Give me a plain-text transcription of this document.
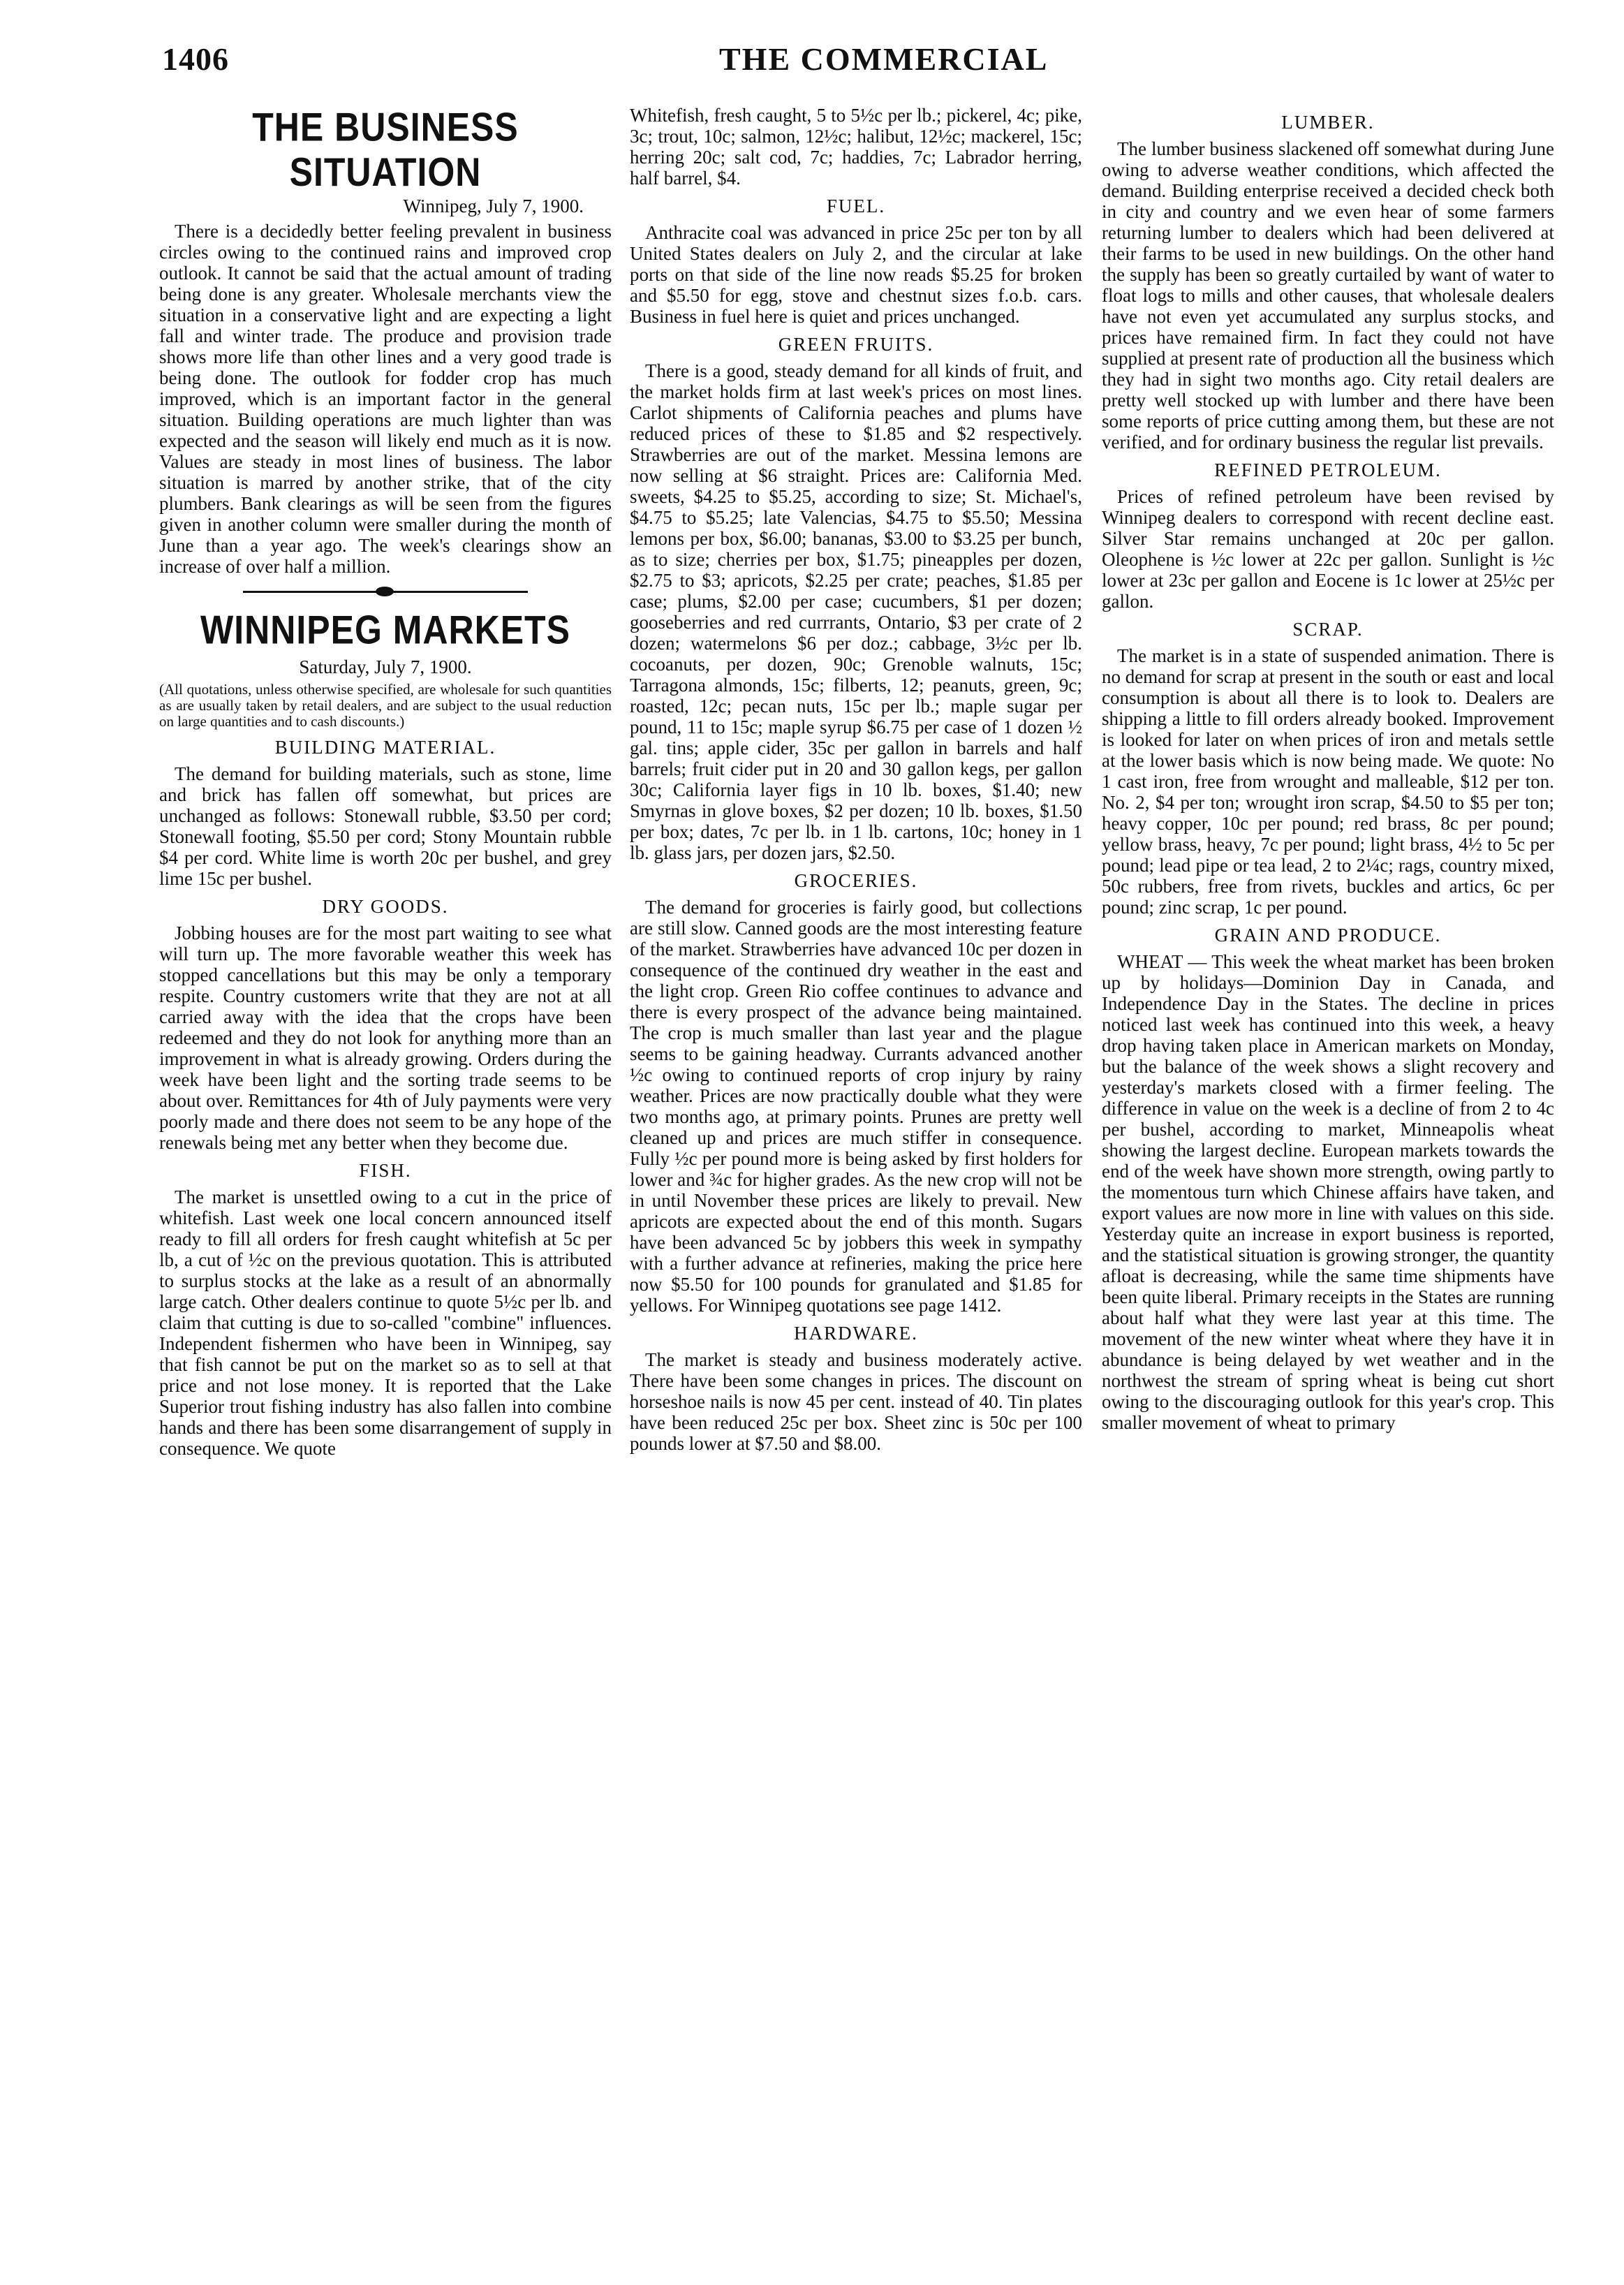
1406	THE COMMERCIAL
THE BUSINESS SITUATION
Winnipeg, July 7, 1900.

There is a decidedly better feeling prevalent in business circles owing to the continued rains and improved crop outlook. It cannot be said that the actual amount of trading being done is any greater. Wholesale merchants view the situation in a conservative light and are expecting a light fall and winter trade. The produce and provision trade shows more life than other lines and a very good trade is being done. The outlook for fodder crop has much improved, which is an important factor in the general situation. Building operations are much lighter than was expected and the season will likely end much as it is now. Values are steady in most lines of business. The labor situation is marred by another strike, that of the city plumbers. Bank clearings as will be seen from the figures given in another column were smaller during the month of June than a year ago. The week's clearings show an increase of over half a million.

WINNIPEG MARKETS
Saturday, July 7, 1900.
(All quotations, unless otherwise specified, are wholesale for such quantities as are usually taken by retail dealers, and are subject to the usual reduction on large quantities and to cash discounts.)
BUILDING MATERIAL.

The demand for building materials, such as stone, lime and brick has fallen off somewhat, but prices are unchanged as follows: Stonewall rubble, $3.50 per cord; Stonewall footing, $5.50 per cord; Stony Mountain rubble $4 per cord. White lime is worth 20c per bushel, and grey lime 15c per bushel.

DRY GOODS.

Jobbing houses are for the most part waiting to see what will turn up. The more favorable weather this week has stopped cancellations but this may be only a temporary respite. Country customers write that they are not at all carried away with the idea that the crops have been redeemed and they do not look for anything more than an improvement in what is already growing. Orders during the week have been light and the sorting trade seems to be about over. Remittances for 4th of July payments were very poorly made and there does not seem to be any hope of the renewals being met any better when they become due.

FISH.

The market is unsettled owing to a cut in the price of whitefish. Last week one local concern announced itself ready to fill all orders for fresh caught whitefish at 5c per lb, a cut of ½c on the previous quotation. This is attributed to surplus stocks at the lake as a result of an abnormally large catch. Other dealers continue to quote 5½c per lb. and claim that cutting is due to so-called "combine" influences. Independent fishermen who have been in Winnipeg, say that fish cannot be put on the market so as to sell at that price and not lose money. It is reported that the Lake Superior trout fishing industry has also fallen into combine hands and there has been some disarrangement of supply in consequence. We quote

Whitefish, fresh caught, 5 to 5½c per lb.; pickerel, 4c; pike, 3c; trout, 10c; salmon, 12½c; halibut, 12½c; mackerel, 15c; herring 20c; salt cod, 7c; haddies, 7c; Labrador herring, half barrel, $4.

FUEL.

Anthracite coal was advanced in price 25c per ton by all United States dealers on July 2, and the circular at lake ports on that side of the line now reads $5.25 for broken and $5.50 for egg, stove and chestnut sizes f.o.b. cars. Business in fuel here is quiet and prices unchanged.

GREEN FRUITS.

There is a good, steady demand for all kinds of fruit, and the market holds firm at last week's prices on most lines. Carlot shipments of California peaches and plums have reduced prices of these to $1.85 and $2 respectively. Strawberries are out of the market. Messina lemons are now selling at $6 straight. Prices are: California Med. sweets, $4.25 to $5.25, according to size; St. Michael's, $4.75 to $5.25; late Valencias, $4.75 to $5.50; Messina lemons per box, $6.00; bananas, $3.00 to $3.25 per bunch, as to size; cherries per box, $1.75; pineapples per dozen, $2.75 to $3; apricots, $2.25 per crate; peaches, $1.85 per case; plums, $2.00 per case; cucumbers, $1 per dozen; gooseberries and red currrants, Ontario, $3 per crate of 2 dozen; watermelons $6 per doz.; cabbage, 3½c per lb. cocoanuts, per dozen, 90c; Grenoble walnuts, 15c; Tarragona almonds, 15c; filberts, 12; peanuts, green, 9c; roasted, 12c; pecan nuts, 15c per lb.; maple sugar per pound, 11 to 15c; maple syrup $6.75 per case of 1 dozen ½ gal. tins; apple cider, 35c per gallon in barrels and half barrels; fruit cider put in 20 and 30 gallon kegs, per gallon 30c; California layer figs in 10 lb. boxes, $1.40; new Smyrnas in glove boxes, $2 per dozen; 10 lb. boxes, $1.50 per box; dates, 7c per lb. in 1 lb. cartons, 10c; honey in 1 lb. glass jars, per dozen jars, $2.50.

GROCERIES.

The demand for groceries is fairly good, but collections are still slow. Canned goods are the most interesting feature of the market. Strawberries have advanced 10c per dozen in consequence of the continued dry weather in the east and the light crop. Green Rio coffee continues to advance and there is every prospect of the advance being maintained. The crop is much smaller than last year and the plague seems to be gaining headway. Currants advanced another ½c owing to continued reports of crop injury by rainy weather. Prices are now practically double what they were two months ago, at primary points. Prunes are pretty well cleaned up and prices are much stiffer in consequence. Fully ½c per pound more is being asked by first holders for lower and ¾c for higher grades. As the new crop will not be in until November these prices are likely to prevail. New apricots are expected about the end of this month. Sugars have been advanced 5c by jobbers this week in sympathy with a further advance at refineries, making the price here now $5.50 for 100 pounds for granulated and $1.85 for yellows. For Winnipeg quotations see page 1412.

HARDWARE.

The market is steady and business moderately active. There have been some changes in prices. The discount on horseshoe nails is now 45 per cent. instead of 40. Tin plates have been reduced 25c per box. Sheet zinc is 50c per 100 pounds lower at $7.50 and $8.00.

LUMBER.

The lumber business slackened off somewhat during June owing to adverse weather conditions, which affected the demand. Building enterprise received a decided check both in city and country and we even hear of some farmers returning lumber to dealers which had been delivered at their farms to be used in new buildings. On the other hand the supply has been so greatly curtailed by want of water to float logs to mills and other causes, that wholesale dealers have not even yet accumulated any surplus stocks, and prices have remained firm. In fact they could not have supplied at present rate of production all the business which they had in sight two months ago. City retail dealers are pretty well stocked up with lumber and there have been some reports of price cutting among them, but these are not verified, and for ordinary business the regular list prevails.

REFINED PETROLEUM.

Prices of refined petroleum have been revised by Winnipeg dealers to correspond with recent decline east. Silver Star remains unchanged at 20c per gallon. Oleophene is ½c lower at 22c per gallon. Sunlight is ½c lower at 23c per gallon and Eocene is 1c lower at 25½c per gallon.

SCRAP.

The market is in a state of suspended animation. There is no demand for scrap at present in the south or east and local consumption is about all there is to look to. Dealers are shipping a little to fill orders already booked. Improvement is looked for later on when prices of iron and metals settle at the lower basis which is now being made. We quote: No 1 cast iron, free from wrought and malleable, $12 per ton. No. 2, $4 per ton; wrought iron scrap, $4.50 to $5 per ton; heavy copper, 10c per pound; red brass, 8c per pound; yellow brass, heavy, 7c per pound; light brass, 4½ to 5c per pound; lead pipe or tea lead, 2 to 2¼c; rags, country mixed, 50c rubbers, free from rivets, buckles and artics, 6c per pound; zinc scrap, 1c per pound.

GRAIN AND PRODUCE.

WHEAT — This week the wheat market has been broken up by holidays—Dominion Day in Canada, and Independence Day in the States. The decline in prices noticed last week has continued into this week, a heavy drop having taken place in American markets on Monday, but the balance of the week shows a slight recovery and yesterday's markets closed with a firmer feeling. The difference in value on the week is a decline of from 2 to 4c per bushel, according to market, Minneapolis wheat showing the largest decline. European markets towards the end of the week have shown more strength, owing partly to the momentous turn which Chinese affairs have taken, and export values are now more in line with values on this side. Yesterday quite an increase in export business is reported, and the statistical situation is growing stronger, the quantity afloat is decreasing, while the same time shipments have been quite liberal. Primary receipts in the States are running about half what they were last year at this time. The movement of the new winter wheat where they have it in abundance is being delayed by wet weather and in the northwest the stream of spring wheat is being cut short owing to the discouraging outlook for this year's crop. This smaller movement of wheat to primary
